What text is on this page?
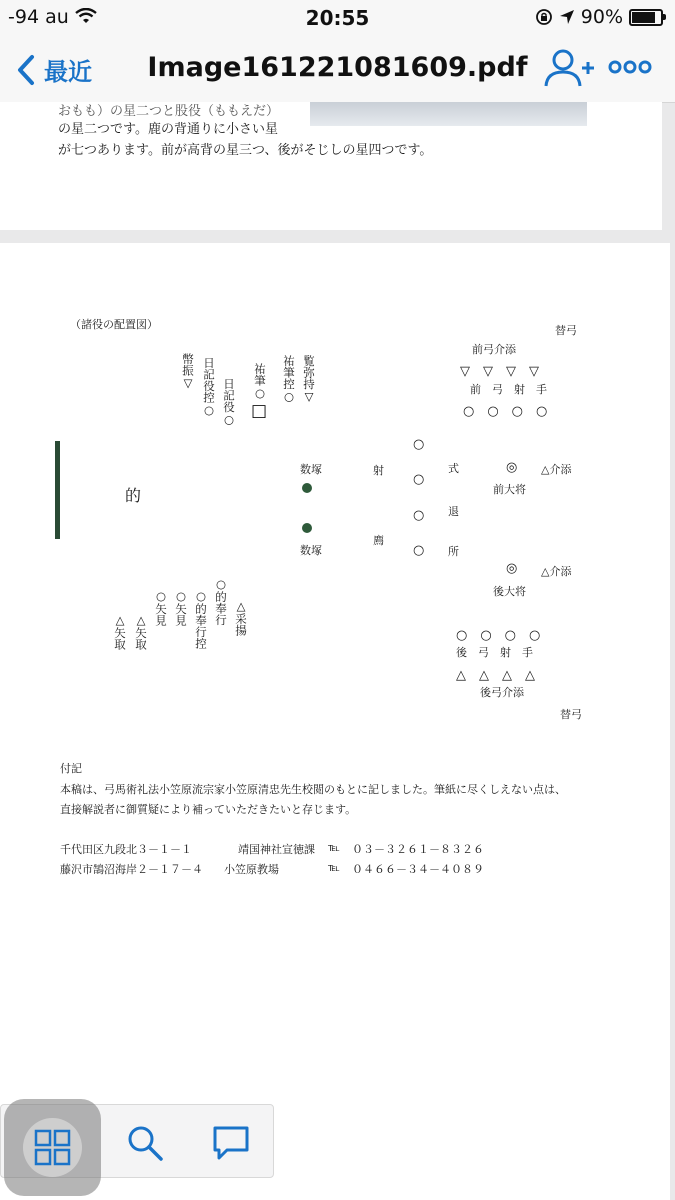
-94 au	20:55	90%
最近	Image161221081609.pdf
おもも）の星二つと股役（ももえだ）
の星二つです。鹿の背通りに小さい星
が七つあります。前が高背の星三つ、後がそじしの星四つです。
（諸役の配置図）	替弓
前弓介添
▽　▽　▽　▽
前　弓　射　手
○　○　○　○
幣振▽ 日記役控○ 日記役○ 祐筆○
□
祐筆控○ 覧弥持▽
的
数塚
数塚
射
廌
○
○
○
○
式
退
所
◎ △介添
前大将
◎ △介添
後大将
○的奉行 △采揚
○的奉行控
○矢見
○矢見
△矢取
△矢取	○　○　○　○
後　弓　射　手
△　△　△　△
後弓介添
替弓
付記
本稿は、弓馬術礼法小笠原流宗家小笠原清忠先生校閲のもとに記しました。筆紙に尽くしえない点は、
直接解説者に御質疑により補っていただきたいと存じます。
千代田区九段北３－１－１	靖国神社宣徳課 ℡ ０３－３２６１－８３２６
藤沢市鵠沼海岸２－１７－４ 小笠原教場	℡ ０４６６－３４－４０８９
